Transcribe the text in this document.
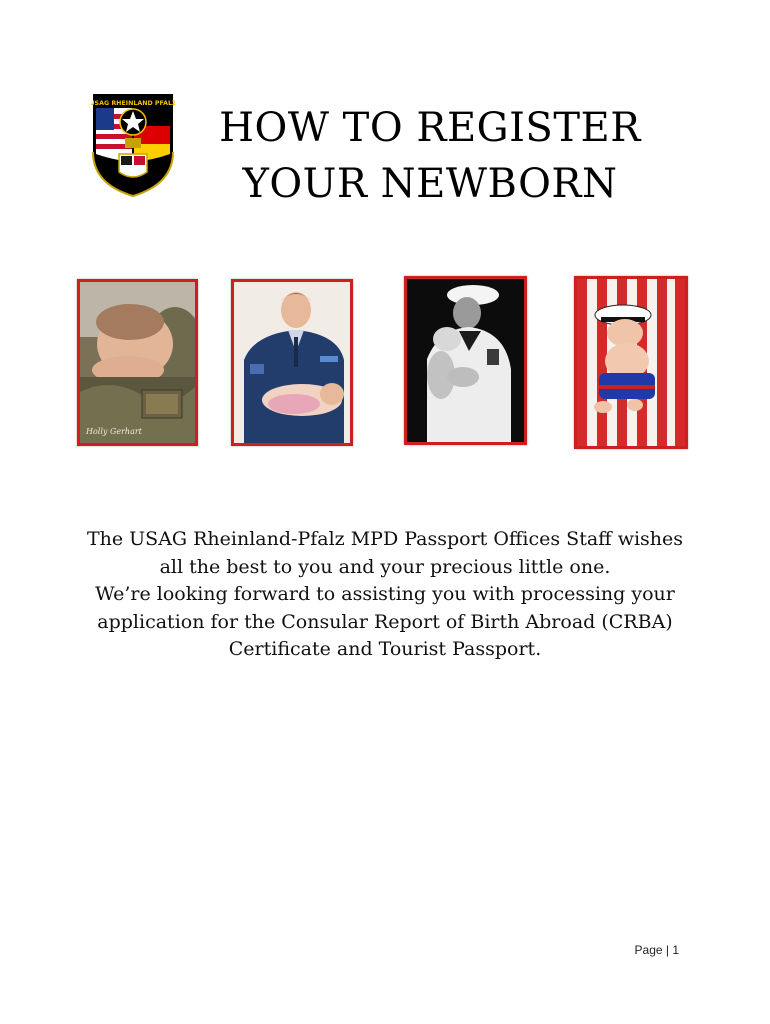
USAG RHEINLAND PFALZ
HOW TO REGISTER
YOUR NEWBORN
Holly Gerhart
The USAG Rheinland-Pfalz MPD Passport Offices Staff wishes
all the best to you and your precious little one.
We’re looking forward to assisting you with processing your
application for the Consular Report of Birth Abroad (CRBA)
Certificate and Tourist Passport.
Page | 1
